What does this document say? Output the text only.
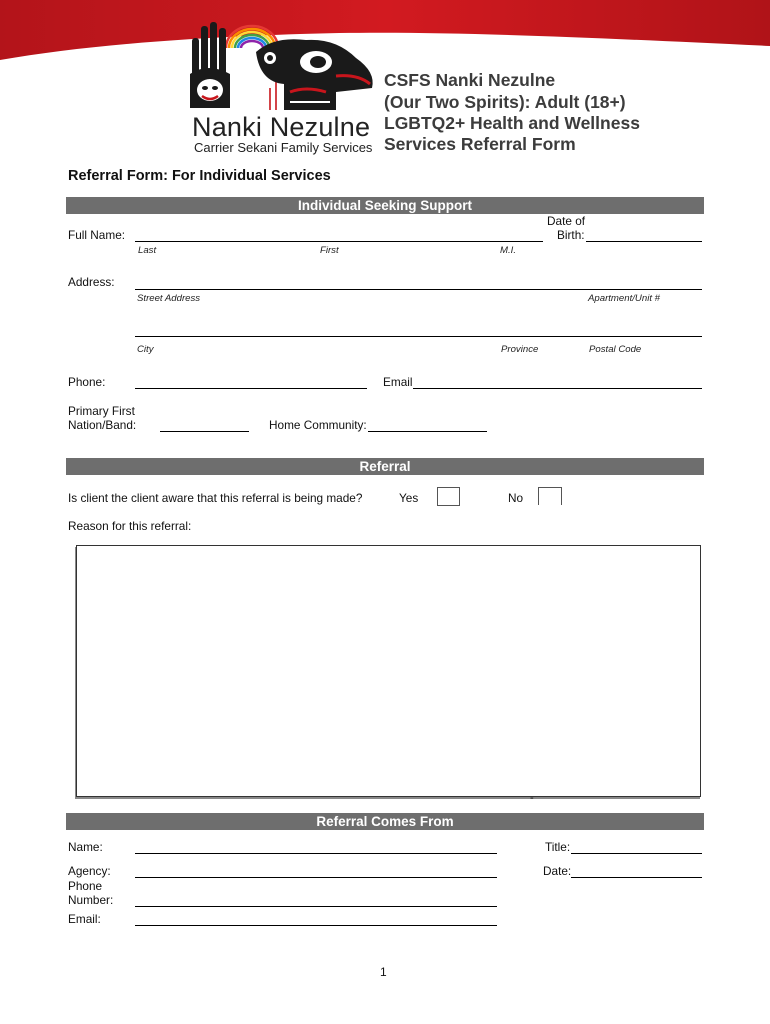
Nanki Nezulne
Carrier Sekani Family Services
CSFS Nanki Nezulne
(Our Two Spirits): Adult (18+)
LGBTQ2+ Health and Wellness
Services Referral Form
Referral Form: For Individual Services
Individual Seeking Support
Full Name:
Last	First	M.I.
Date of
Birth:
Address:
Street Address	Apartment/Unit #
City	Province	Postal Code
Phone:	Email
Primary First
Nation/Band:	Home Community:
Referral
Is client the client aware that this referral is being made?	Yes	No
Reason for this referral:
-
Referral Comes From
Name:	Title:
Agency:	Date:
Phone
Number:
Email:
1
